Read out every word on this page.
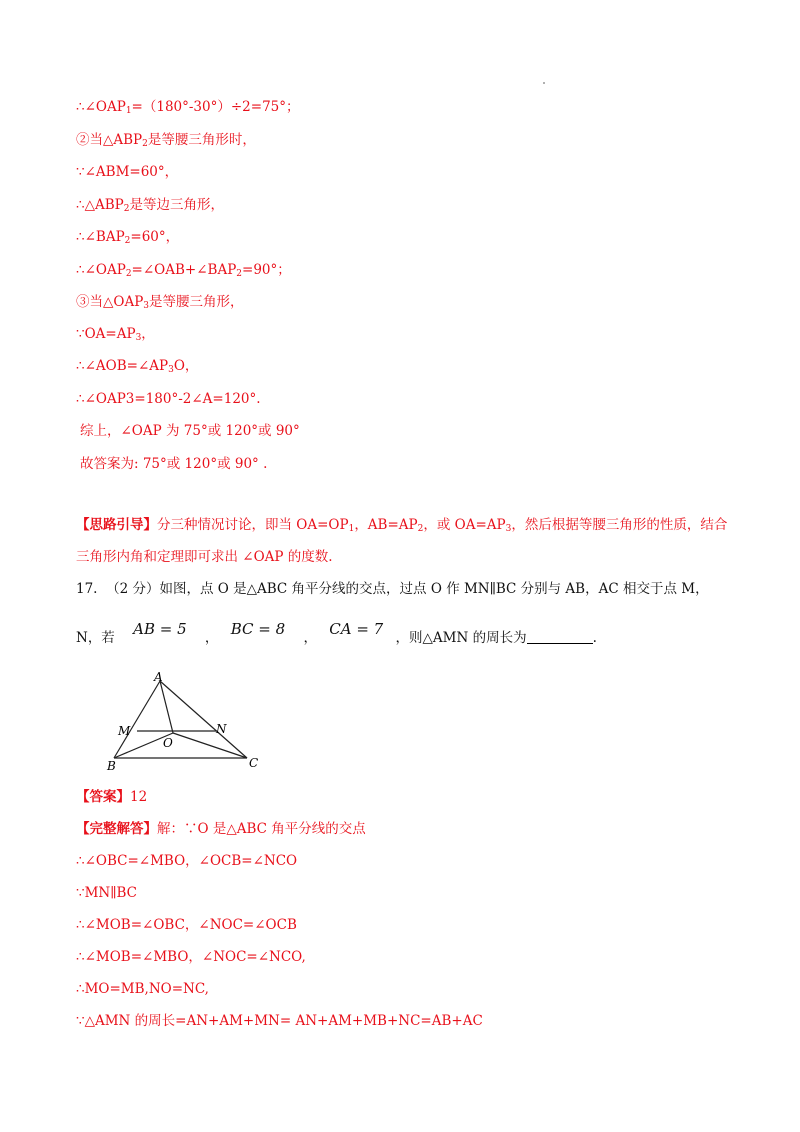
$\therefore\angle OAP_1=(180^\circ-30^\circ)\div 2=75^\circ$；
②当$\triangle ABP_2$是等腰三角形时，
∵∠ABM=60°，
$\therefore\triangle ABP_2$是等边三角形，
$\therefore\angle BAP_2=60^\circ$，
$\therefore\angle OAP_2=\angle OAB+\angle BAP_2=90^\circ$；
③当$\triangle OAP_3$是等腰三角形，
$\because OA=AP_3$，
$\therefore\angle AOB=\angle AP_3O$，
∴∠OAP3=180°-2∠A=120°.
综上，∠OAP 为 75°或 120°或 90°
故答案为: 75°或 120°或 90° .
【思路引导】分三种情况讨论，即当 $OA=OP_1$，$AB=AP_2$，或 $OA=AP_3$，然后根据等腰三角形的性质，结合
三角形内角和定理即可求出 ∠OAP 的度数.
17. （2 分）如图，点 O 是△ABC 角平分线的交点，过点 O 作 MN∥BC 分别与 AB，AC 相交于点 M，
N，若 AB = 5 ， BC = 8 ， CA = 7 ，则△AMN 的周长为	.
A
M	N
O
B	C
【答案】12
【完整解答】解：∵O 是△ABC 角平分线的交点
∴∠OBC=∠MBO，∠OCB=∠NCO
∵MN∥BC
∴∠MOB=∠OBC，∠NOC=∠OCB
∴∠MOB=∠MBO，∠NOC=∠NCO,
∴MO=MB,NO=NC,
∵△AMN 的周长=AN+AM+MN= AN+AM+MB+NC=AB+AC
